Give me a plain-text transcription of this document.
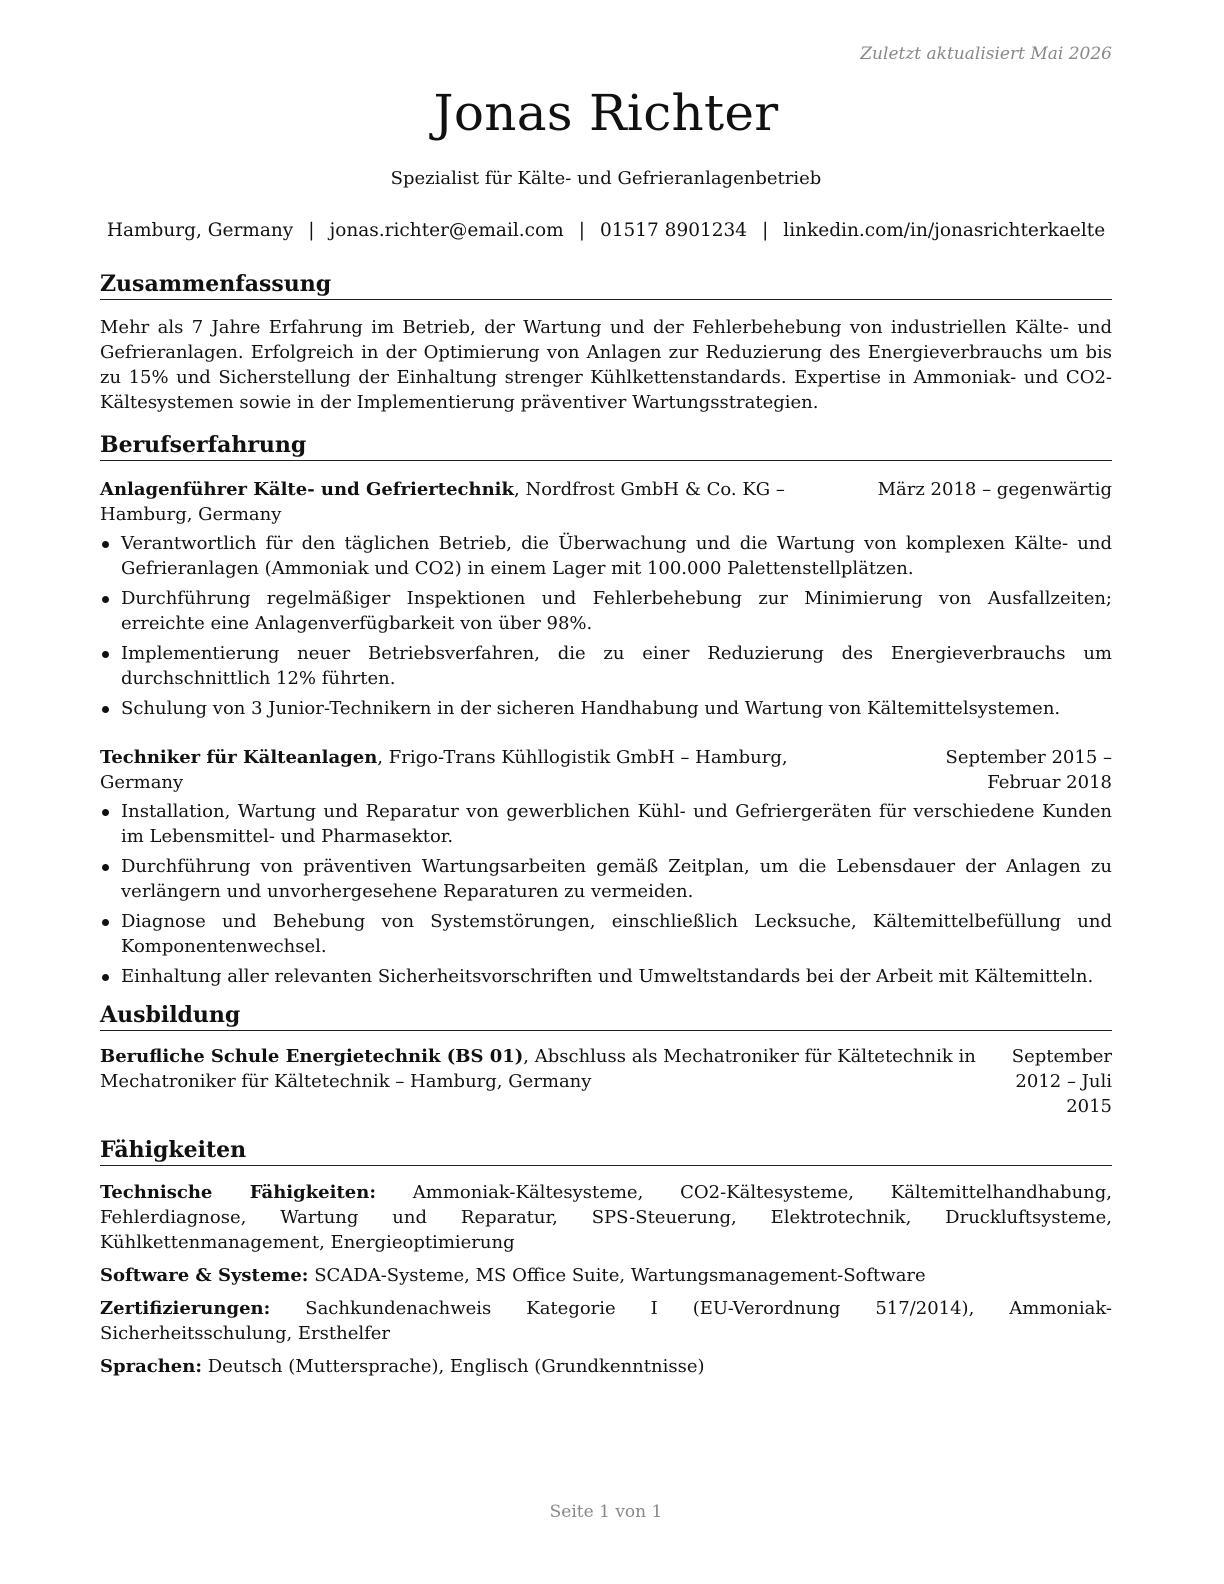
Zuletzt aktualisiert Mai 2026
Jonas Richter
Spezialist für Kälte- und Gefrieranlagenbetrieb
Hamburg, Germany | jonas.richter@email.com | 01517 8901234 | linkedin.com/in/jonasrichterkaelte
Zusammenfassung

Mehr als 7 Jahre Erfahrung im Betrieb, der Wartung und der Fehlerbehebung von industriellen Kälte- und Gefrieranlagen. Erfolgreich in der Optimierung von Anlagen zur Reduzierung des Energieverbrauchs um bis zu 15% und Sicherstellung der Einhaltung strenger Kühlkettenstandards. Expertise in Ammoniak- und CO2-Kältesystemen sowie in der Implementierung präventiver Wartungsstrategien.

Berufserfahrung
Anlagenführer Kälte- und Gefriertechnik, Nordfrost GmbH & Co. KG – Hamburg, Germany
März 2018 – gegenwärtig
Verantwortlich für den täglichen Betrieb, die Überwachung und die Wartung von komplexen Kälte- und Gefrieranlagen (Ammoniak und CO2) in einem Lager mit 100.000 Palettenstellplätzen.
Durchführung regelmäßiger Inspektionen und Fehlerbehebung zur Minimierung von Ausfallzeiten; erreichte eine Anlagenverfügbarkeit von über 98%.
Implementierung neuer Betriebsverfahren, die zu einer Reduzierung des Energieverbrauchs um durchschnittlich 12% führten.
Schulung von 3 Junior-Technikern in der sicheren Handhabung und Wartung von Kältemittelsystemen.
Techniker für Kälteanlagen, Frigo-Trans Kühllogistik GmbH – Hamburg, Germany
September 2015 – Februar 2018
Installation, Wartung und Reparatur von gewerblichen Kühl- und Gefriergeräten für verschiedene Kunden im Lebensmittel- und Pharmasektor.
Durchführung von präventiven Wartungsarbeiten gemäß Zeitplan, um die Lebensdauer der Anlagen zu verlängern und unvorhergesehene Reparaturen zu vermeiden.
Diagnose und Behebung von Systemstörungen, einschließlich Lecksuche, Kältemittelbefüllung und Komponentenwechsel.
Einhaltung aller relevanten Sicherheitsvorschriften und Umweltstandards bei der Arbeit mit Kältemitteln.
Ausbildung
Berufliche Schule Energietechnik (BS 01), Abschluss als Mechatroniker für Kältetechnik in Mechatroniker für Kältetechnik – Hamburg, Germany
September 2012 – Juli 2015
Fähigkeiten
Technische Fähigkeiten: Ammoniak-Kältesysteme, CO2-Kältesysteme, Kältemittelhandhabung, Fehlerdiagnose, Wartung und Reparatur, SPS-Steuerung, Elektrotechnik, Druckluftsysteme, Kühlkettenmanagement, Energieoptimierung
Software & Systeme: SCADA-Systeme, MS Office Suite, Wartungsmanagement-Software
Zertifizierungen: Sachkundenachweis Kategorie I (EU-Verordnung 517/2014), Ammoniak-Sicherheitsschulung, Ersthelfer
Sprachen: Deutsch (Muttersprache), Englisch (Grundkenntnisse)
Seite 1 von 1
